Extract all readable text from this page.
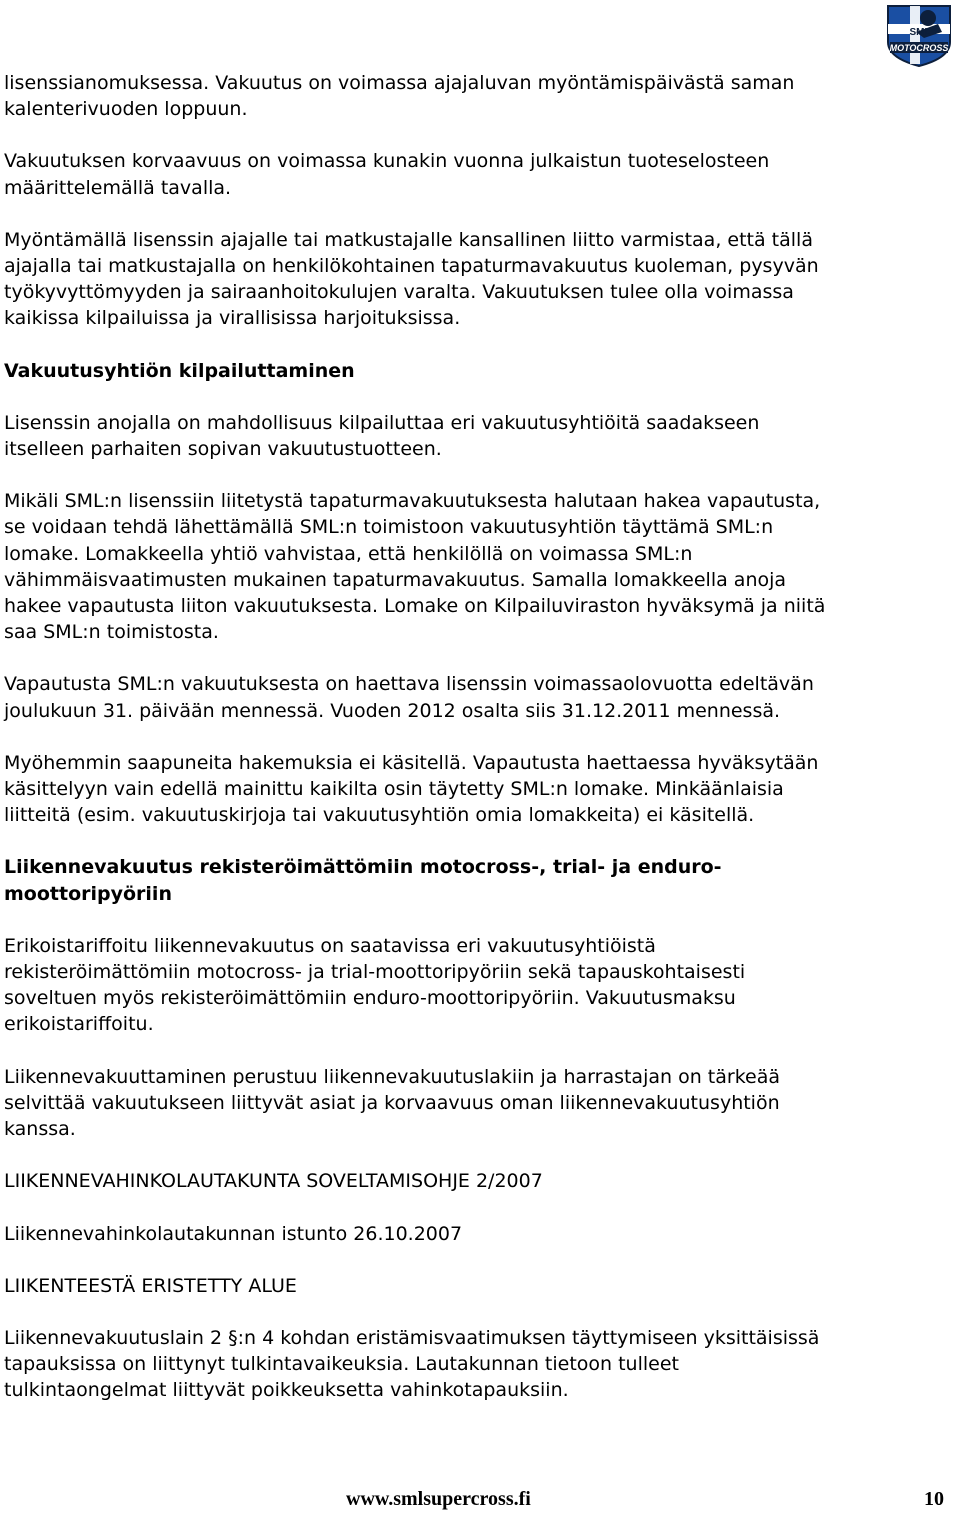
SML
MOTOCROSS

lisenssianomuksessa. Vakuutus on voimassa ajajaluvan myöntämispäivästä saman
kalenterivuoden loppuun.

Vakuutuksen korvaavuus on voimassa kunakin vuonna julkaistun tuoteselosteen
määrittelemällä tavalla.

Myöntämällä lisenssin ajajalle tai matkustajalle kansallinen liitto varmistaa, että tällä
ajajalla tai matkustajalla on henkilökohtainen tapaturmavakuutus kuoleman, pysyvän
työkyvyttömyyden ja sairaanhoitokulujen varalta. Vakuutuksen tulee olla voimassa
kaikissa kilpailuissa ja virallisissa harjoituksissa.

Vakuutusyhtiön kilpailuttaminen

Lisenssin anojalla on mahdollisuus kilpailuttaa eri vakuutusyhtiöitä saadakseen
itselleen parhaiten sopivan vakuutustuotteen.

Mikäli SML:n lisenssiin liitetystä tapaturmavakuutuksesta halutaan hakea vapautusta,
se voidaan tehdä lähettämällä SML:n toimistoon vakuutusyhtiön täyttämä SML:n
lomake. Lomakkeella yhtiö vahvistaa, että henkilöllä on voimassa SML:n
vähimmäisvaatimusten mukainen tapaturmavakuutus. Samalla lomakkeella anoja
hakee vapautusta liiton vakuutuksesta. Lomake on Kilpailuviraston hyväksymä ja niitä
saa SML:n toimistosta.

Vapautusta SML:n vakuutuksesta on haettava lisenssin voimassaolovuotta edeltävän
joulukuun 31. päivään mennessä. Vuoden 2012 osalta siis 31.12.2011 mennessä.

Myöhemmin saapuneita hakemuksia ei käsitellä. Vapautusta haettaessa hyväksytään
käsittelyyn vain edellä mainittu kaikilta osin täytetty SML:n lomake. Minkäänlaisia
liitteitä (esim. vakuutuskirjoja tai vakuutusyhtiön omia lomakkeita) ei käsitellä.

Liikennevakuutus rekisteröimättömiin motocross-, trial- ja enduro-
moottoripyöriin

Erikoistariffoitu liikennevakuutus on saatavissa eri vakuutusyhtiöistä
rekisteröimättömiin motocross- ja trial-moottoripyöriin sekä tapauskohtaisesti
soveltuen myös rekisteröimättömiin enduro-moottoripyöriin. Vakuutusmaksu
erikoistariffoitu.

Liikennevakuuttaminen perustuu liikennevakuutuslakiin ja harrastajan on tärkeää
selvittää vakuutukseen liittyvät asiat ja korvaavuus oman liikennevakuutusyhtiön
kanssa.

LIIKENNEVAHINKOLAUTAKUNTA SOVELTAMISOHJE 2/2007

Liikennevahinkolautakunnan istunto 26.10.2007

LIIKENTEESTÄ ERISTETTY ALUE

Liikennevakuutuslain 2 §:n 4 kohdan eristämisvaatimuksen täyttymiseen yksittäisissä
tapauksissa on liittynyt tulkintavaikeuksia. Lautakunnan tietoon tulleet
tulkintaongelmat liittyvät poikkeuksetta vahinkotapauksiin.

www.smlsupercross.fi	10
